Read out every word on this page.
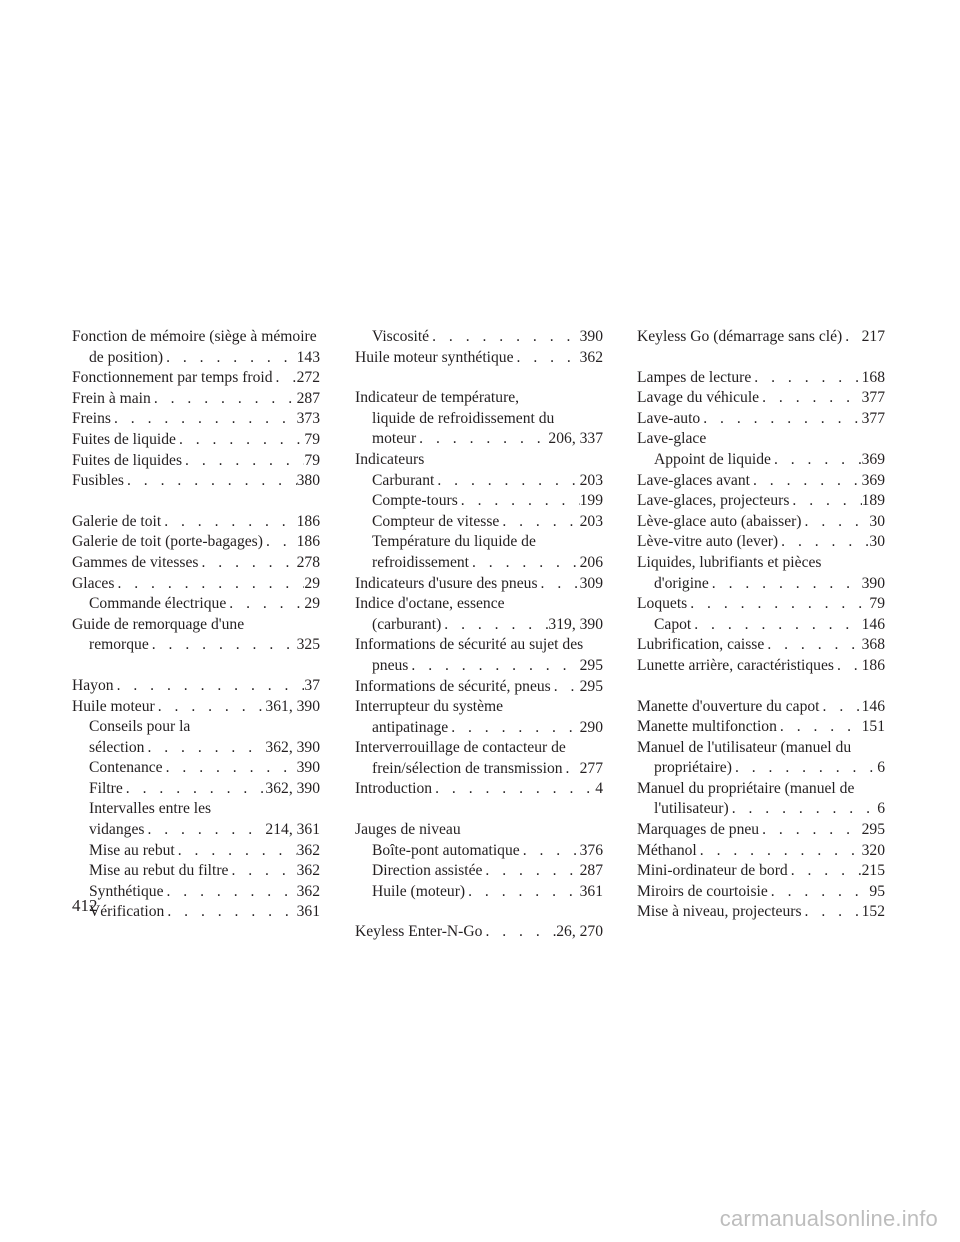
Fonction de mémoire (siège à mémoire
de position) . . .	143
Fonctionnement par temps froid . . . 272
Frein à main . . .	287
Freins . . .	373
Fuites de liquide . . .	79
Fuites de liquides . . .	79
Fusibles . . .	380
Galerie de toit . . .	186
Galerie de toit (porte-bagages) . . . 186
Gammes de vitesses . . .	278
Glaces . . .	29
Commande électrique . . .	29
Guide de remorquage d'une
remorque . . .	325
Hayon . . .	37
Huile moteur . . .	361, 390
Conseils pour la
sélection . . .	362, 390
Contenance . . .	390
Filtre . . .	362, 390
Intervalles entre les
vidanges . . .	214, 361
Mise au rebut . . .	362
Mise au rebut du filtre . . .	362
Synthétique . . .	362
Vérification . . .	361
Viscosité . . .	390
Huile moteur synthétique . . .	362
Indicateur de température,
liquide de refroidissement du
moteur . . .	206, 337
Indicateurs
Carburant . . .	203
Compte-tours . . .	199
Compteur de vitesse . . .	203
Température du liquide de
refroidissement . . .	206
Indicateurs d'usure des pneus . . .	309
Indice d'octane, essence
(carburant) . . .	319, 390
Informations de sécurité au sujet des
pneus . . .	295
Informations de sécurité, pneus . . . 295
Interrupteur du système
antipatinage . . .	290
Interverrouillage de contacteur de
frein/sélection de transmission . . . 277
Introduction . . .	4
Jauges de niveau
Boîte-pont automatique . . .	376
Direction assistée . . .	287
Huile (moteur) . . .	361
Keyless Enter-N-Go . . .	26, 270
Keyless Go (démarrage sans clé) . . . 217
Lampes de lecture . . .	168
Lavage du véhicule . . .	377
Lave-auto . . .	377
Lave-glace
Appoint de liquide . . .	369
Lave-glaces avant . . .	369
Lave-glaces, projecteurs . . .	189
Lève-glace auto (abaisser) . . .	30
Lève-vitre auto (lever) . . .	30
Liquides, lubrifiants et pièces
d'origine . . .	390
Loquets . . .	79
Capot . . .	146
Lubrification, caisse . . .	368
Lunette arrière, caractéristiques . . . 186
Manette d'ouverture du capot . . .	146
Manette multifonction . . .	151
Manuel de l'utilisateur (manuel du
propriétaire) . . .	6
Manuel du propriétaire (manuel de
l'utilisateur) . . .	6
Marquages de pneu . . .	295
Méthanol . . .	320
Mini-ordinateur de bord . . .	215
Miroirs de courtoisie . . .	95
Mise à niveau, projecteurs . . .	152
412
carmanualsonline.info
